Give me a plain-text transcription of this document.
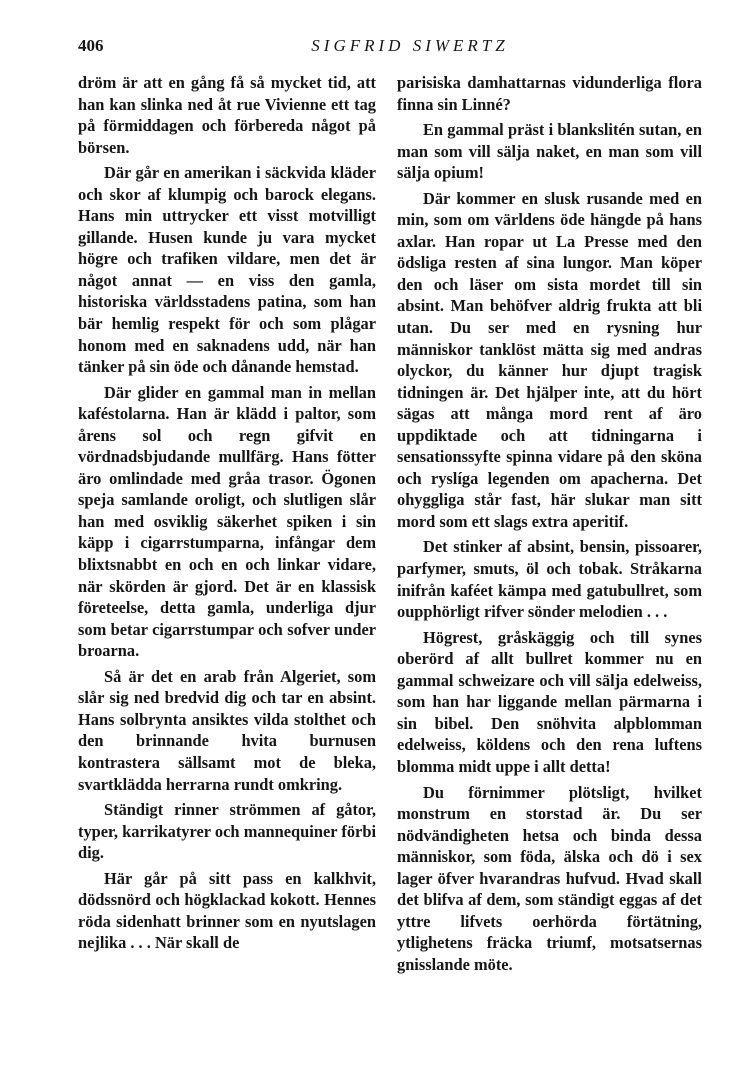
406	SIGFRID SIWERTZ

dröm är att en gång få så mycket tid, att han kan slinka ned åt rue Vivienne ett tag på förmiddagen och förbereda något på börsen.

Där går en amerikan i säckvida kläder och skor af klumpig och barock elegans. Hans min uttrycker ett visst motvilligt gillande. Husen kunde ju vara mycket högre och trafiken vildare, men det är något annat — en viss den gamla, historiska världsstadens patina, som han bär hemlig respekt för och som plågar honom med en saknadens udd, när han tänker på sin öde och dånande hemstad.

Där glider en gammal man in mellan kaféstolarna. Han är klädd i paltor, som årens sol och regn gifvit en vördnadsbjudande mullfärg. Hans fötter äro omlindade med gråa trasor. Ögonen speja samlande oroligt, och slutligen slår han med osviklig säkerhet spiken i sin käpp i cigarrstumparna, infångar dem blixtsnabbt en och en och linkar vidare, när skörden är gjord. Det är en klassisk företeelse, detta gamla, underliga djur som betar cigarrstumpar och sofver under broarna.

Så är det en arab från Algeriet, som slår sig ned bredvid dig och tar en absint. Hans solbrynta ansiktes vilda stolthet och den brinnande hvita burnusen kontrastera sällsamt mot de bleka, svartklädda herrarna rundt omkring.

Ständigt rinner strömmen af gåtor, typer, karrikatyrer och mannequiner förbi dig.

Här går på sitt pass en kalkhvit, dödssnörd och högklackad kokott. Hennes röda sidenhatt brinner som en nyutslagen nejlika . . . När skall de

parisiska damhattarnas vidunderliga flora finna sin Linné?

En gammal präst i blankslitén sutan, en man som vill sälja naket, en man som vill sälja opium!

Där kommer en slusk rusande med en min, som om världens öde hängde på hans axlar. Han ropar ut La Presse med den ödsliga resten af sina lungor. Man köper den och läser om sista mordet till sin absint. Man behöfver aldrig frukta att bli utan. Du ser med en rysning hur människor tanklöst mätta sig med andras olyckor, du känner hur djupt tragisk tidningen är. Det hjälper inte, att du hört sägas att många mord rent af äro uppdiktade och att tidningarna i sensationssyfte spinna vidare på den sköna och ryslíga legenden om apacherna. Det ohyggliga står fast, här slukar man sitt mord som ett slags extra aperitif.

Det stinker af absint, bensin, pissoarer, parfymer, smuts, öl och tobak. Stråkarna inifrån kaféet kämpa med gatubullret, som oupphörligt rifver sönder melodien . . .

Högrest, gråskäggig och till synes oberörd af allt bullret kommer nu en gammal schweizare och vill sälja edelweiss, som han har liggande mellan pärmarna i sin bibel. Den snöhvita alpblomman edelweiss, köldens och den rena luftens blomma midt uppe i allt detta!

Du förnimmer plötsligt, hvilket monstrum en storstad är. Du ser nödvändigheten hetsa och binda dessa människor, som föda, älska och dö i sex lager öfver hvarandras hufvud. Hvad skall det blifva af dem, som ständigt eggas af det yttre lifvets oerhörda förtätning, ytlighetens fräcka triumf, motsatsernas gnisslande möte.
